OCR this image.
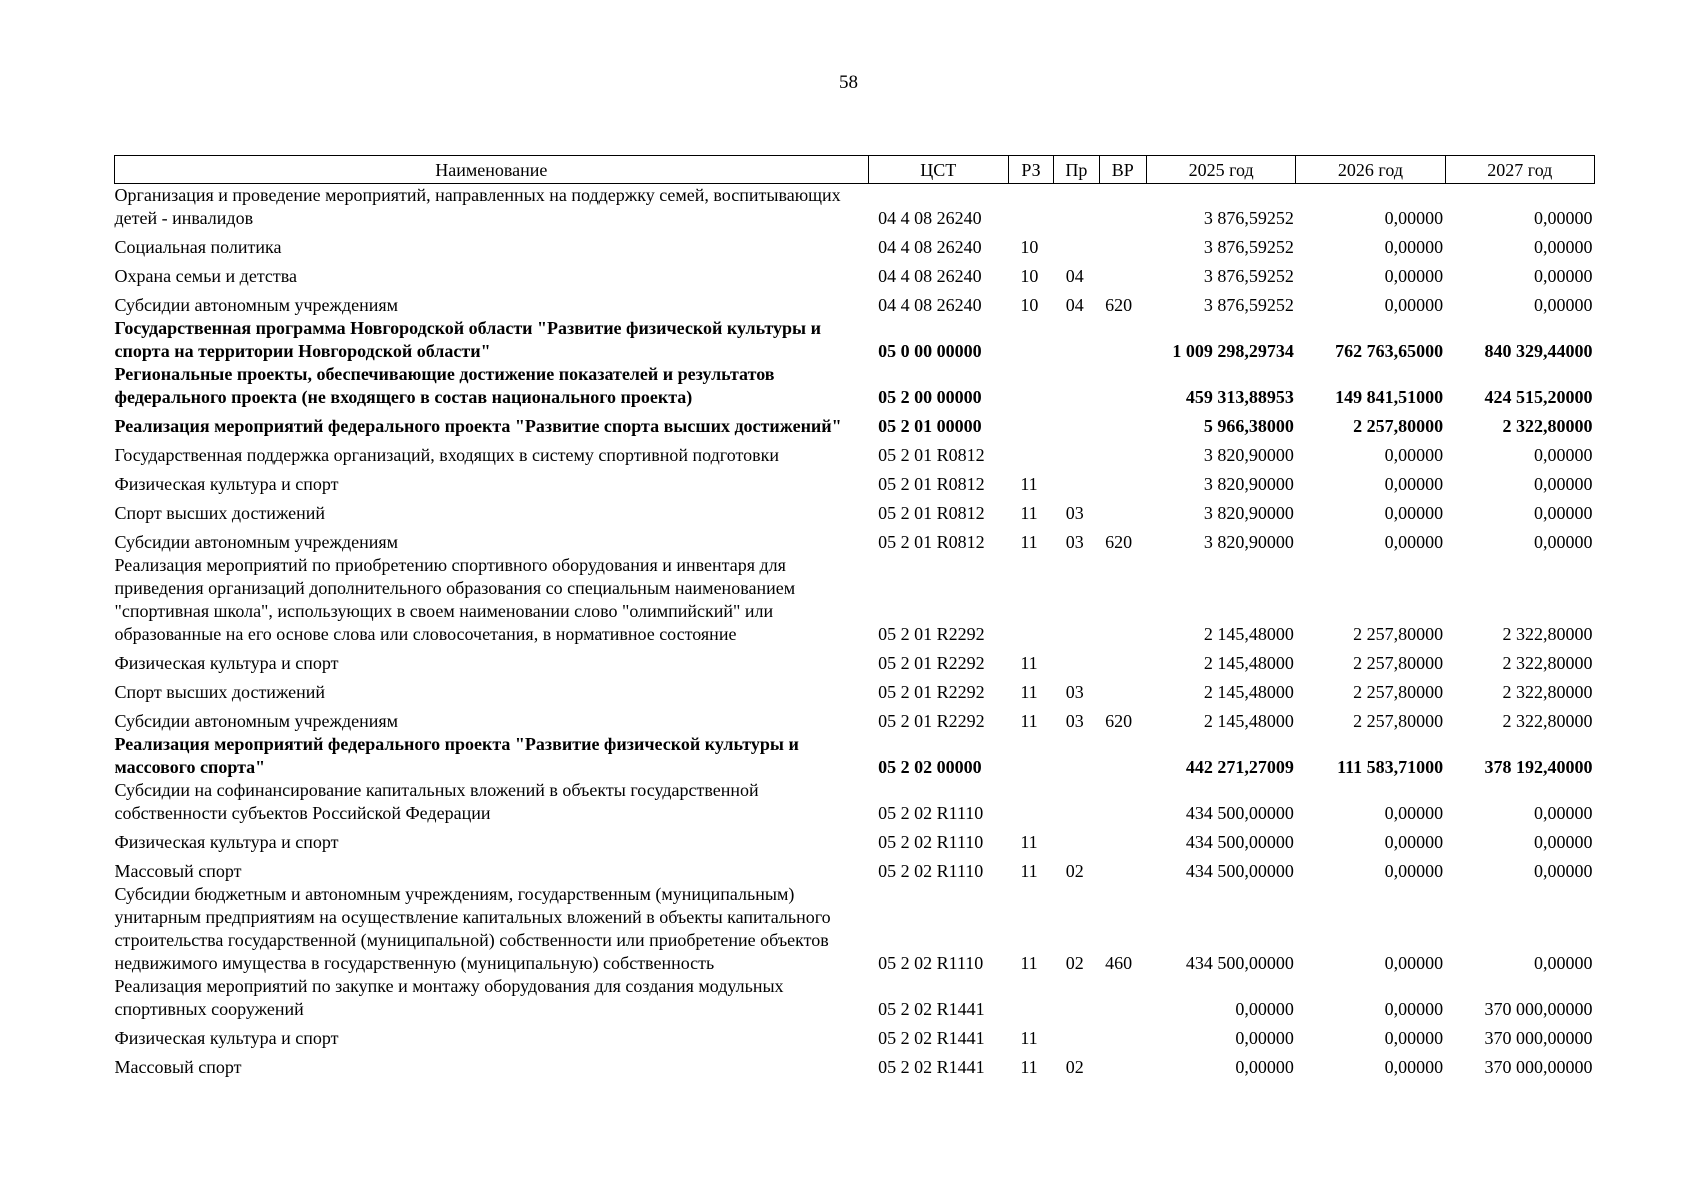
58
Наименование	ЦСТ	РЗ	Пр	ВР	2025 год	2026 год	2027 год
Организация и проведение мероприятий, направленных на поддержку семей, воспитывающих детей - инвалидов	04 4 08 26240				3 876,59252	0,00000	0,00000
Социальная политика	04 4 08 26240	10			3 876,59252	0,00000	0,00000
Охрана семьи и детства	04 4 08 26240	10	04		3 876,59252	0,00000	0,00000
Субсидии автономным учреждениям	04 4 08 26240	10	04	620	3 876,59252	0,00000	0,00000
Государственная программа Новгородской области "Развитие физической культуры и спорта на территории Новгородской области"	05 0 00 00000				1 009 298,29734	762 763,65000	840 329,44000
Региональные проекты, обеспечивающие достижение показателей и результатов федерального проекта (не входящего в состав национального проекта)	05 2 00 00000				459 313,88953	149 841,51000	424 515,20000
Реализация мероприятий федерального проекта "Развитие спорта высших достижений"	05 2 01 00000				5 966,38000	2 257,80000	2 322,80000
Государственная поддержка организаций, входящих в систему спортивной подготовки	05 2 01 R0812				3 820,90000	0,00000	0,00000
Физическая культура и спорт	05 2 01 R0812	11			3 820,90000	0,00000	0,00000
Спорт высших достижений	05 2 01 R0812	11	03		3 820,90000	0,00000	0,00000
Субсидии автономным учреждениям	05 2 01 R0812	11	03	620	3 820,90000	0,00000	0,00000
Реализация мероприятий по приобретению спортивного оборудования и инвентаря для приведения организаций дополнительного образования со специальным наименованием "спортивная школа", использующих в своем наименовании слово "олимпийский" или образованные на его основе слова или словосочетания, в нормативное состояние	05 2 01 R2292				2 145,48000	2 257,80000	2 322,80000
Физическая культура и спорт	05 2 01 R2292	11			2 145,48000	2 257,80000	2 322,80000
Спорт высших достижений	05 2 01 R2292	11	03		2 145,48000	2 257,80000	2 322,80000
Субсидии автономным учреждениям	05 2 01 R2292	11	03	620	2 145,48000	2 257,80000	2 322,80000
Реализация мероприятий федерального проекта "Развитие физической культуры и массового спорта"	05 2 02 00000				442 271,27009	111 583,71000	378 192,40000
Субсидии на софинансирование капитальных вложений в объекты государственной собственности субъектов Российской Федерации	05 2 02 R1110				434 500,00000	0,00000	0,00000
Физическая культура и спорт	05 2 02 R1110	11			434 500,00000	0,00000	0,00000
Массовый спорт	05 2 02 R1110	11	02		434 500,00000	0,00000	0,00000
Субсидии бюджетным и автономным учреждениям, государственным (муниципальным) унитарным предприятиям на осуществление капитальных вложений в объекты капитального строительства государственной (муниципальной) собственности или приобретение объектов недвижимого имущества в государственную (муниципальную) собственность	05 2 02 R1110	11	02	460	434 500,00000	0,00000	0,00000
Реализация мероприятий по закупке и монтажу оборудования для создания модульных спортивных сооружений	05 2 02 R1441				0,00000	0,00000	370 000,00000
Физическая культура и спорт	05 2 02 R1441	11			0,00000	0,00000	370 000,00000
Массовый спорт	05 2 02 R1441	11	02		0,00000	0,00000	370 000,00000
